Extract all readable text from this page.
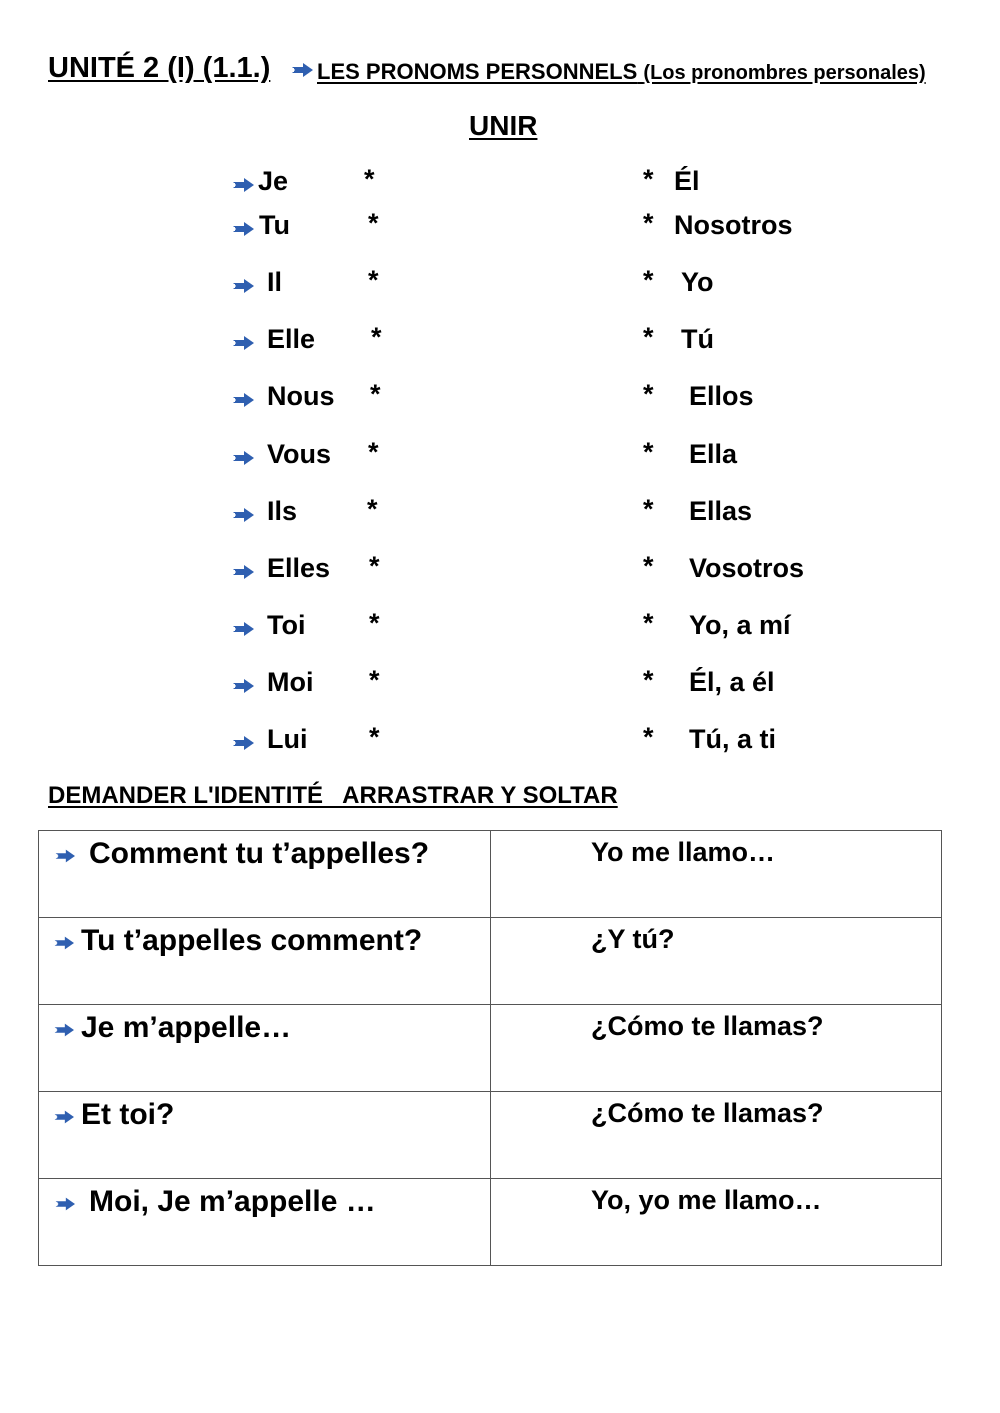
UNITÉ 2 (I) (1.1.) LES PRONOMS PERSONNELS (Los pronombres personales)
UNIR
Je	*	* Él
Tu	*	* Nosotros
Il	*	* Yo
Elle *	* Tú
Nous *	* Ellos
Vous *	* Ella
Ils	*	* Ellas
Elles *	* Vosotros
Toi *	* Yo, a mí
Moi *	* Él, a él
Lui *	* Tú, a ti
DEMANDER L'IDENTITÉ   ARRASTRAR Y SOLTAR
Comment tu t’appelles?	Yo me llamo…

Tu t’appelles comment?	¿Y tú?

Je m’appelle…	¿Cómo te llamas?

Et toi?	¿Cómo te llamas?

Moi, Je m’appelle …	Yo, yo me llamo…
